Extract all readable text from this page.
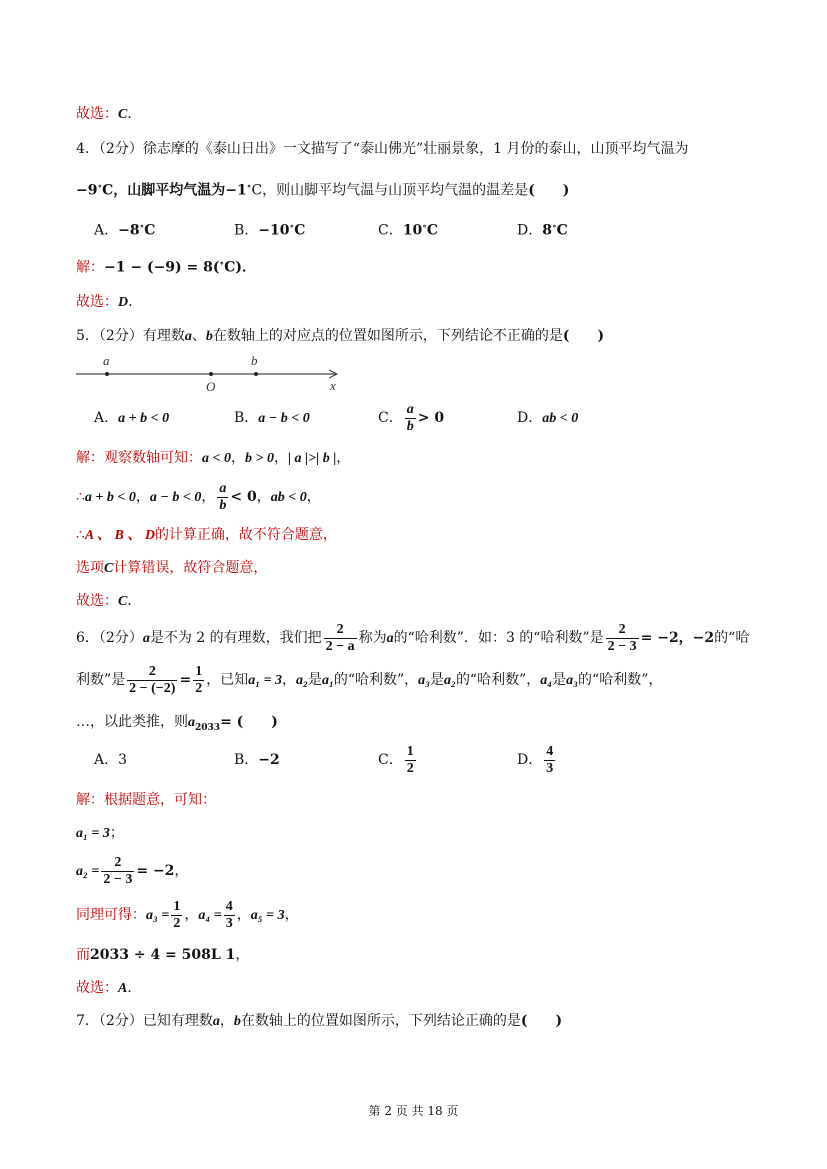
故选：C．
4．（2分）徐志摩的《泰山日出》一文描写了“泰山佛光”壮丽景象，1 月份的泰山，山顶平均气温为
−9∘C，山脚平均气温为−1∘C，则山脚平均气温与山顶平均气温的温差是(　　)
A．−8∘C	B．−10∘C	C．10∘C	D．8∘C
解：−1 − (−9) = 8(∘C)．
故选：D．
5．（2分）有理数a、b在数轴上的对应点的位置如图所示，下列结论不正确的是(　　)
a	b
O	x
A．a + b < 0	B．a − b < 0	C． $\frac{a}{b} > 0$	D．ab < 0
解：观察数轴可知：a < 0，b > 0，| a |>| b |，
∴a + b < 0，a − b < 0， $\frac{a}{b} < 0$，ab < 0，
∴A 、 B 、 D的计算正确，故不符合题意，
选项C计算错误，故符合题意，
故选：C．
6．（2分）a是不为 2 的有理数，我们把 $\frac{2}{2 - a}$ 称为a的“哈利数”．如：3 的“哈利数”是 $\frac{2}{2 - 3} = -2$，−2的“哈
利数”是 $\frac{2}{2 - (-2)} = \frac{1}{2}$ ，已知a₁ = 3，a₂是a₁的“哈利数”，a₃是a₂的“哈利数”，a₄是a₃的“哈利数”，
…，以此类推，则$a_{2033}=$ (　　)
A．3	B．−2	C． $\frac{1}{2}$	D． $\frac{4}{3}$
解：根据题意，可知：
a₁ = 3；
$a_2 = \frac{2}{2 - 3} = -2$，
同理可得：$a_3 = \frac{1}{2}$ ，$a_4 = \frac{4}{3}$ ，a₅ = 3，
而2033 ÷ 4 = 508L 1，
故选：A．
7．（2分）已知有理数a，b在数轴上的位置如图所示，下列结论正确的是(　　)
第 2 页 共 18 页
